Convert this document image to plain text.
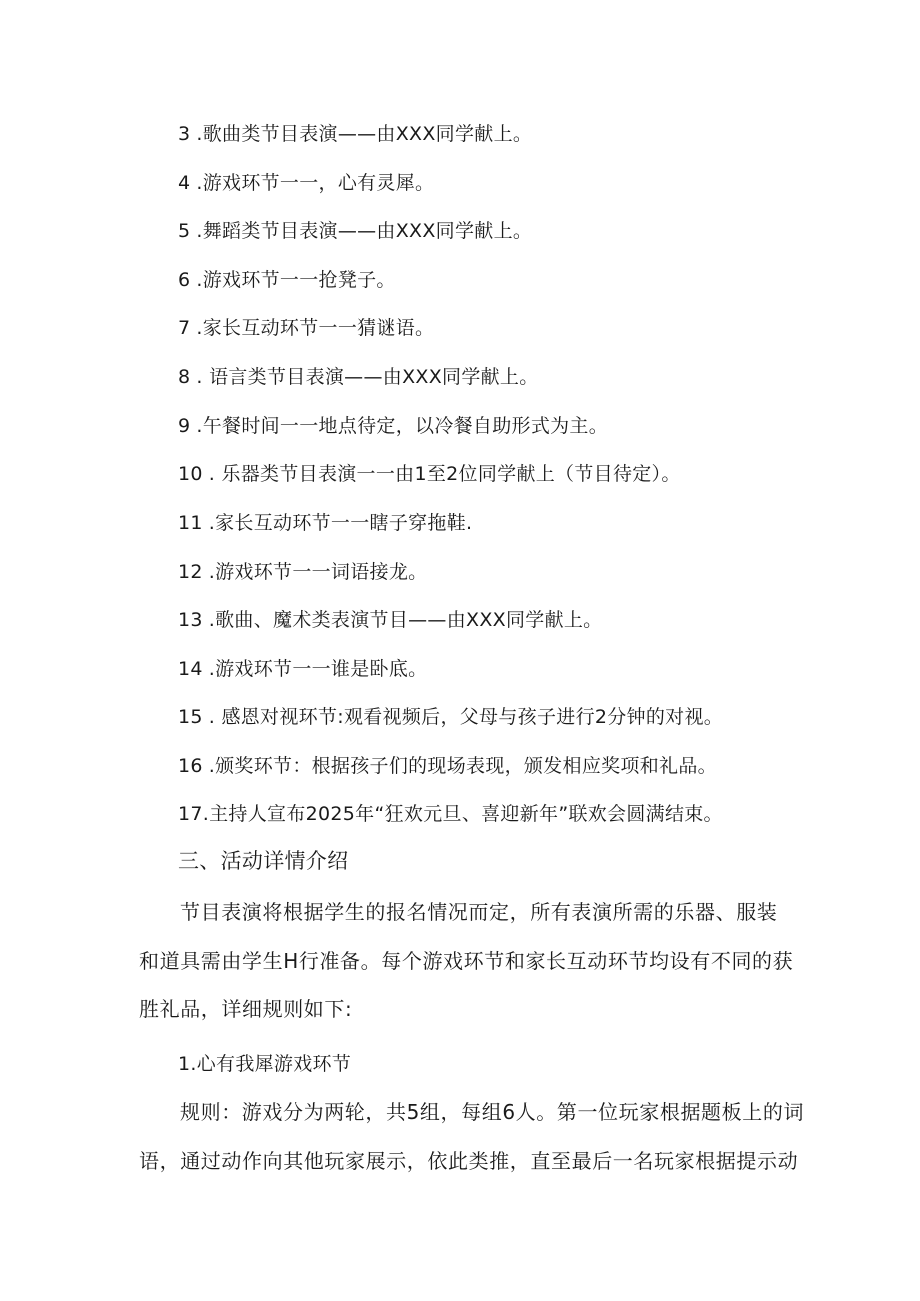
3 .歌曲类节目表演——由XXX同学献上。
4 .游戏环节一一，心有灵犀。
5 .舞蹈类节目表演——由XXX同学献上。
6 .游戏环节一一抢凳子。
7 .家长互动环节一一猜谜语。
8 . 语言类节目表演——由XXX同学献上。
9 .午餐时间一一地点待定，以冷餐自助形式为主。
10 . 乐器类节目表演一一由1至2位同学献上（节目待定）。
11 .家长互动环节一一瞎子穿拖鞋.
12 .游戏环节一一词语接龙。
13 .歌曲、魔术类表演节目——由XXX同学献上。
14 .游戏环节一一谁是卧底。
15 . 感恩对视环节:观看视频后，父母与孩子进行2分钟的对视。
16 .颁奖环节：根据孩子们的现场表现，颁发相应奖项和礼品。
17.主持人宣布2025年“狂欢元旦、喜迎新年”联欢会圆满结束。
三、活动详情介绍
节目表演将根据学生的报名情况而定，所有表演所需的乐器、服装
和道具需由学生H行准备。每个游戏环节和家长互动环节均设有不同的获
胜礼品，详细规则如下:
1.心有我犀游戏环节
规则：游戏分为两轮，共5组，每组6人。第一位玩家根据题板上的词
语，通过动作向其他玩家展示，依此类推，直至最后一名玩家根据提示动
